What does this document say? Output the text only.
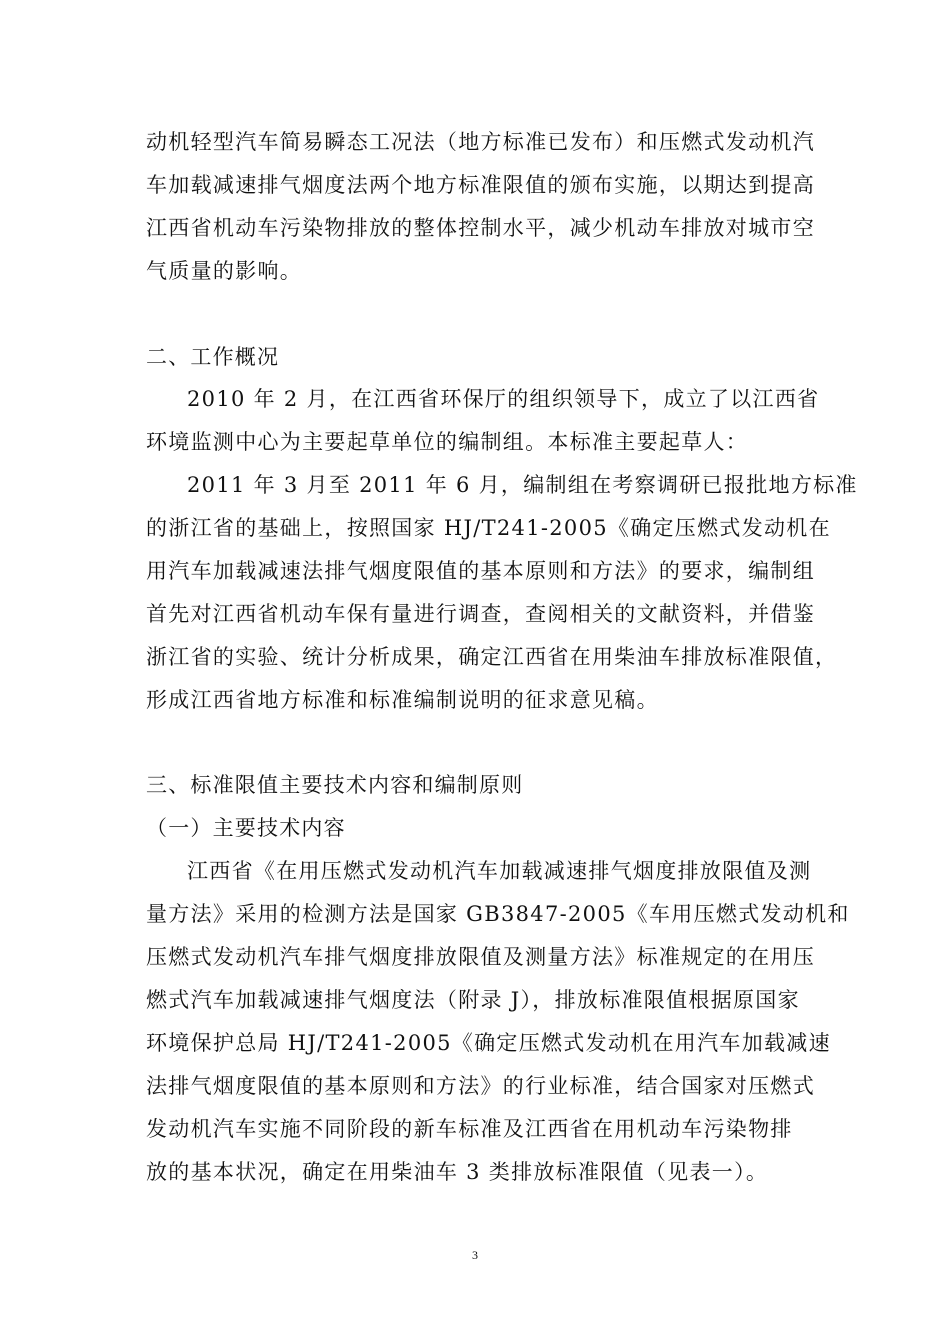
动机轻型汽车简易瞬态工况法（地方标准已发布）和压燃式发动机汽
车加载减速排气烟度法两个地方标准限值的颁布实施，以期达到提高
江西省机动车污染物排放的整体控制水平，减少机动车排放对城市空
气质量的影响。
二、工作概况
2010 年 2 月，在江西省环保厅的组织领导下，成立了以江西省
环境监测中心为主要起草单位的编制组。本标准主要起草人：
2011 年 3 月至 2011 年 6 月，编制组在考察调研已报批地方标准
的浙江省的基础上，按照国家 HJ/T241-2005《确定压燃式发动机在
用汽车加载减速法排气烟度限值的基本原则和方法》的要求，编制组
首先对江西省机动车保有量进行调查，查阅相关的文献资料，并借鉴
浙江省的实验、统计分析成果，确定江西省在用柴油车排放标准限值，
形成江西省地方标准和标准编制说明的征求意见稿。
三、标准限值主要技术内容和编制原则
（一）主要技术内容
江西省《在用压燃式发动机汽车加载减速排气烟度排放限值及测
量方法》采用的检测方法是国家 GB3847-2005《车用压燃式发动机和
压燃式发动机汽车排气烟度排放限值及测量方法》标准规定的在用压
燃式汽车加载减速排气烟度法（附录 J），排放标准限值根据原国家
环境保护总局 HJ/T241-2005《确定压燃式发动机在用汽车加载减速
法排气烟度限值的基本原则和方法》的行业标准，结合国家对压燃式
发动机汽车实施不同阶段的新车标准及江西省在用机动车污染物排
放的基本状况，确定在用柴油车 3 类排放标准限值（见表一）。
3
